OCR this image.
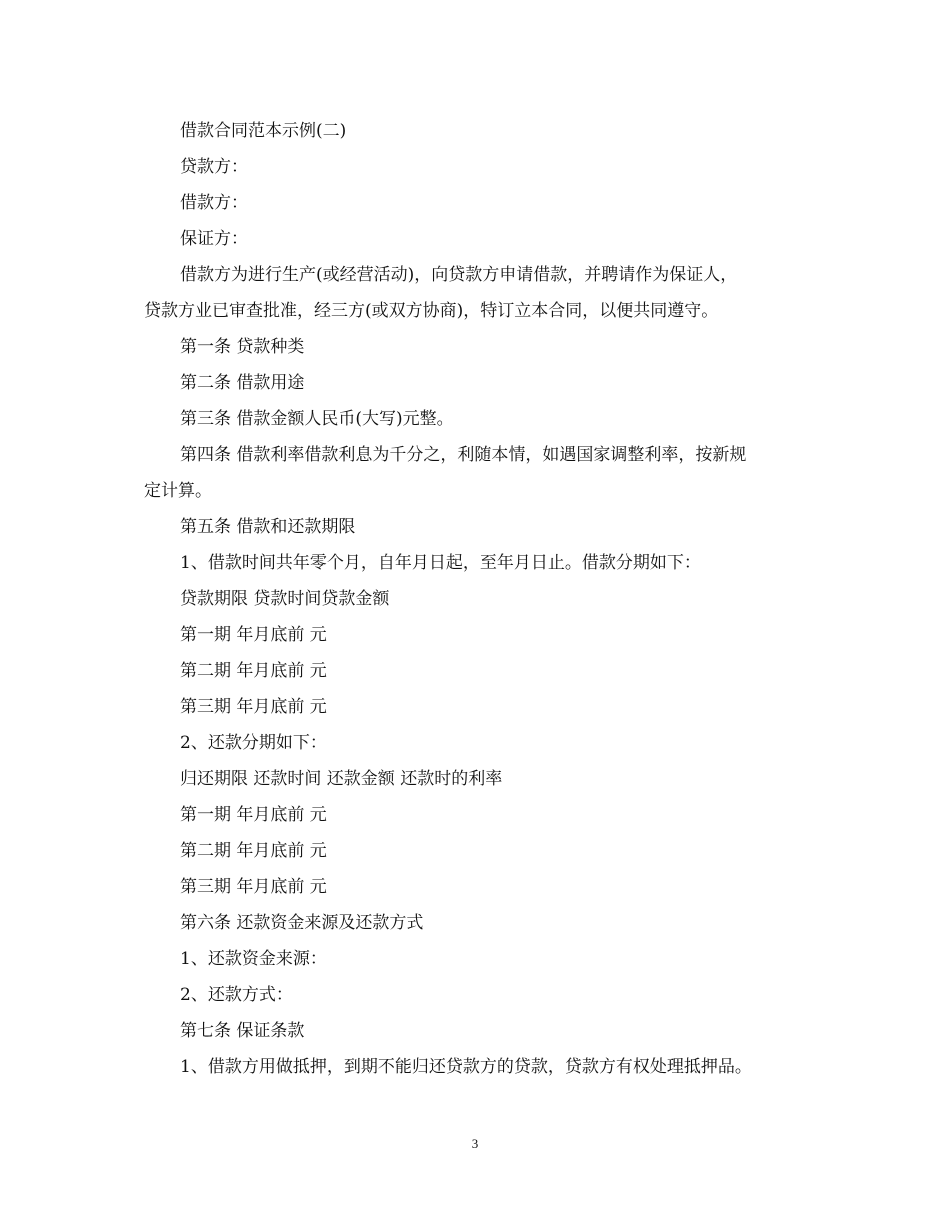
借款合同范本示例(二)
贷款方：
借款方：
保证方：
借款方为进行生产(或经营活动)，向贷款方申请借款，并聘请作为保证人，
贷款方业已审查批准，经三方(或双方协商)，特订立本合同，以便共同遵守。
第一条 贷款种类
第二条 借款用途
第三条 借款金额人民币(大写)元整。
第四条 借款利率借款利息为千分之，利随本情，如遇国家调整利率，按新规
定计算。
第五条 借款和还款期限
1、借款时间共年零个月，自年月日起，至年月日止。借款分期如下：
贷款期限 贷款时间贷款金额
第一期 年月底前 元
第二期 年月底前 元
第三期 年月底前 元
2、还款分期如下：
归还期限 还款时间 还款金额 还款时的利率
第一期 年月底前 元
第二期 年月底前 元
第三期 年月底前 元
第六条 还款资金来源及还款方式
1、还款资金来源：
2、还款方式：
第七条 保证条款
1、借款方用做抵押，到期不能归还贷款方的贷款，贷款方有权处理抵押品。
3
